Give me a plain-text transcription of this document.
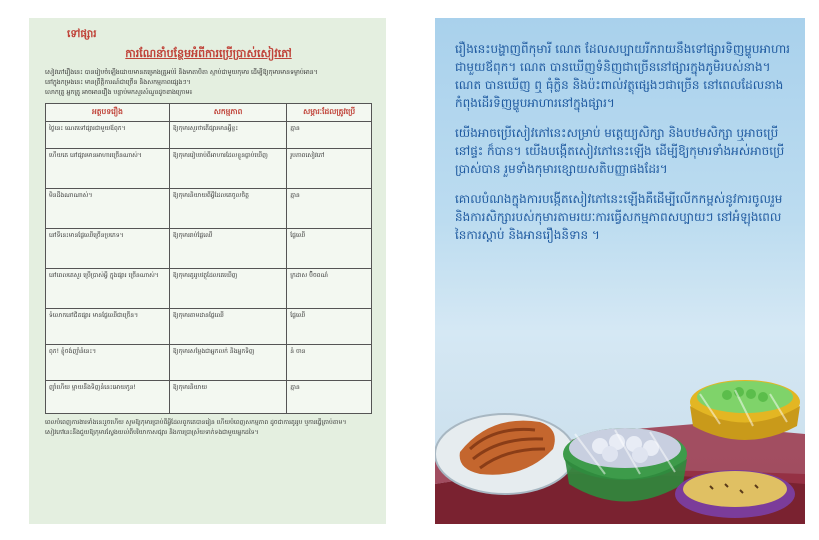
ទៅផ្សារ
ការណែនាំបន្ថែមអំពីការប្រើប្រាស់សៀវភៅ

សៀវភៅរឿងនេះ បានរៀបចំឡើងដោយមានគម្រោងគ្រូអប់រំ និងមាតាបិតា ស្តាប់ជាមួយកុមារ ដើម្បីឱ្យកុមារមានទម្លាប់អាន។

នៅក្នុងកម្រងនេះ មានព្រឹត្តិការណ៍ជាច្រើន និងសកម្មភាពផ្សេងៗ។

លោកគ្រូ អ្នកគ្រូ អាចអានរឿង បន្ទាប់មកសួរសំណួរដូចខាងក្រោម៖

អត្ថបទរឿង	សកម្មភាព	សម្ភារៈដែលត្រូវប្រើ
ថ្ងៃនេះ ណេតទៅផ្សារជាមួយឪពុក។	ឱ្យកុមារសួរថាតើផ្សារមានអ្វីខ្លះ	គ្មាន
ហើយគេ នៅផ្សារមានអាហារច្រើនណាស់។	ឱ្យកុមាររៀបរាប់ពីអាហារដែលខ្លួនធ្លាប់ឃើញ	រូបភាពសៀវភៅ
មិនដឹងណាណាស់។	ឱ្យកុមារនិយាយពីអ្វីដែលគេចូលចិត្ត	គ្មាន
នៅទីនេះមានផ្លែឈើច្រើនប្រភេទ។	ឱ្យកុមាររាប់ផ្លែឈើ	ផ្លែឈើ
នៅពេលគេសួរ ប្រើប្រាស់អ្វី ក្នុងផ្សារ ច្រើនណាស់។	ឱ្យកុមារគូររូបវត្ថុដែលគេឃើញ	ក្រដាស ប៊ិចពណ៌
ទំលោកនៅជិតផ្សារ មានផ្លែឈើជាច្រើន។	ឱ្យកុមារតាមដានផ្លែឈើ	ផ្លែឈើ
ពុក! ខ្ញុំចង់ញ៉ាំនំនេះ។	ឱ្យកុមារសម្ដែងជាអ្នកលក់ និងអ្នកទិញ	នំ ចាន
ញ៉ាំហើយ ម្ដាយនឹងទិញនំនេះអោយកូន!	ឱ្យកុមារនិយាយ	គ្មាន

ពេលបំពេញការងារទាំងនេះរួចហើយ សូមឱ្យកុមារប្រាប់ពីអ្វីដែលពួកគេបានរៀន ហើយបំពេញសកម្មភាព ដូចជាការគូររូប ឬការធ្វើត្រាប់តាម។

សៀវភៅនេះនឹងជួយឱ្យកុមារស្វែងយល់ពីបរិយាកាសផ្សារ និងការប្រាស្រ័យទាក់ទងជាមួយអ្នកដទៃ។

រឿងនេះបង្ហាញពីកុមារី ណេត ដែលសប្បាយរីករាយនឹងទៅផ្សារទិញម្ហូបអាហារ ជាមួយឪពុក។ ណេត បានឃើញទំនិញជាច្រើននៅផ្សារក្នុងភូមិរបស់នាង។ ណេត បានឃើញ ឮ ធុំក្លិន និងប៉ះពាល់វត្ថុផ្សេងៗជាច្រើន នៅពេលដែលនាងកំពុងដើរទិញម្ហូបអាហារនៅក្នុងផ្សារ។

យើងអាចប្រើសៀវភៅនេះសម្រាប់ មត្តេយ្យសិក្សា និងបឋមសិក្សា ឬអាចប្រើនៅផ្ទះ ក៏បាន។ យើងបង្កើតសៀវភៅនេះឡើង ដើម្បីឱ្យកុមារទាំងអស់អាចប្រើប្រាស់បាន រួមទាំងកុមារខ្សោយសតិបញ្ញាផងដែរ។

គោលបំណងក្នុងការបង្កើតសៀវភៅនេះឡើងគឺដើម្បីលើកកម្ពស់នូវការចូលរួមនិងការសិក្សារបស់កុមារតាមរយៈការធ្វើសកម្មភាពសប្បាយៗ នៅអំឡុងពេលនៃការស្ដាប់ និងអានរឿងនិទាន ។
